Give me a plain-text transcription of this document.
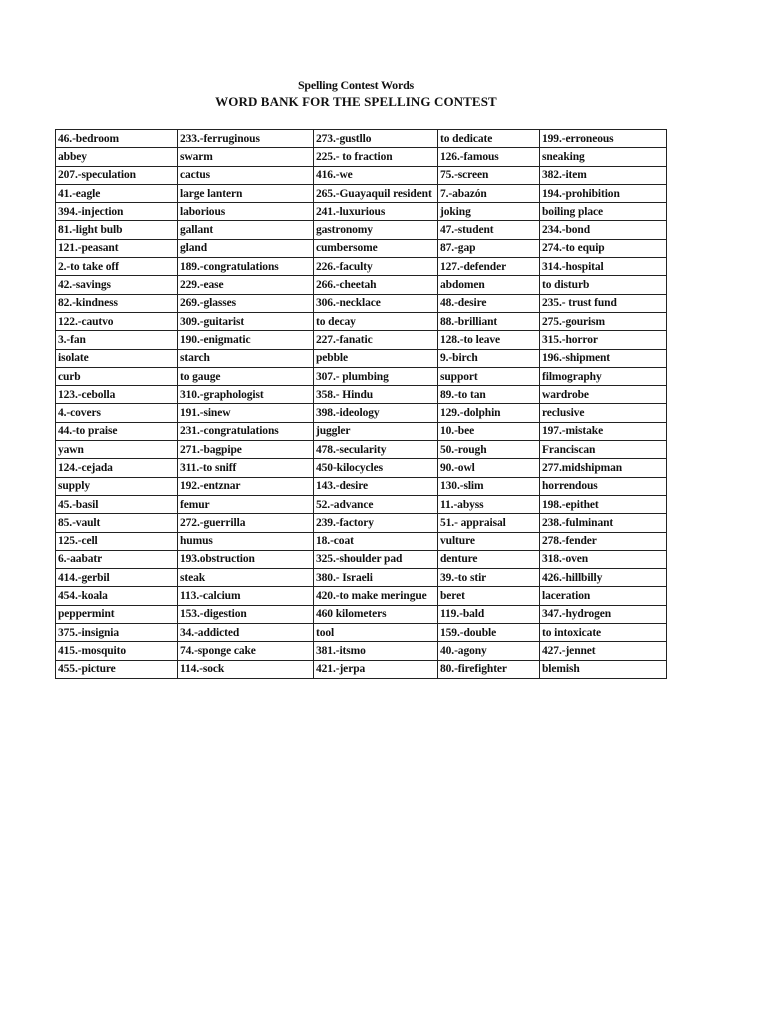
Spelling Contest Words
WORD BANK FOR THE SPELLING CONTEST
46.-bedroom	233.-ferruginous	273.-gustllo	to dedicate	199.-erroneous
abbey	swarm	225.- to fraction	126.-famous	sneaking
207.-speculation	cactus	416.-we	75.-screen	382.-item
41.-eagle	large lantern	265.-Guayaquil resident	7.-abazón	194.-prohibition
394.-injection	laborious	241.-luxurious	joking	boiling place
81.-light bulb	gallant	gastronomy	47.-student	234.-bond
121.-peasant	gland	cumbersome	87.-gap	274.-to equip
2.-to take off	189.-congratulations	226.-faculty	127.-defender	314.-hospital
42.-savings	229.-ease	266.-cheetah	abdomen	to disturb
82.-kindness	269.-glasses	306.-necklace	48.-desire	235.- trust fund
122.-cautvo	309.-guitarist	to decay	88.-brilliant	275.-gourism
3.-fan	190.-enigmatic	227.-fanatic	128.-to leave	315.-horror
isolate	starch	pebble	9.-birch	196.-shipment
curb	to gauge	307.- plumbing	support	filmography
123.-cebolla	310.-graphologist	358.- Hindu	89.-to tan	wardrobe
4.-covers	191.-sinew	398.-ideology	129.-dolphin	reclusive
44.-to praise	231.-congratulations	juggler	10.-bee	197.-mistake
yawn	271.-bagpipe	478.-secularity	50.-rough	Franciscan
124.-cejada	311.-to sniff	450-kilocycles	90.-owl	277.midshipman
supply	192.-entznar	143.-desire	130.-slim	horrendous
45.-basil	femur	52.-advance	11.-abyss	198.-epithet
85.-vault	272.-guerrilla	239.-factory	51.- appraisal	238.-fulminant
125.-cell	humus	18.-coat	vulture	278.-fender
6.-aabatr	193.obstruction	325.-shoulder pad	denture	318.-oven
414.-gerbil	steak	380.- Israeli	39.-to stir	426.-hillbilly
454.-koala	113.-calcium	420.-to make meringue	beret	laceration
peppermint	153.-digestion	460 kilometers	119.-bald	347.-hydrogen
375.-insignia	34.-addicted	tool	159.-double	to intoxicate
415.-mosquito	74.-sponge cake	381.-itsmo	40.-agony	427.-jennet
455.-picture	114.-sock	421.-jerpa	80.-firefighter	blemish
